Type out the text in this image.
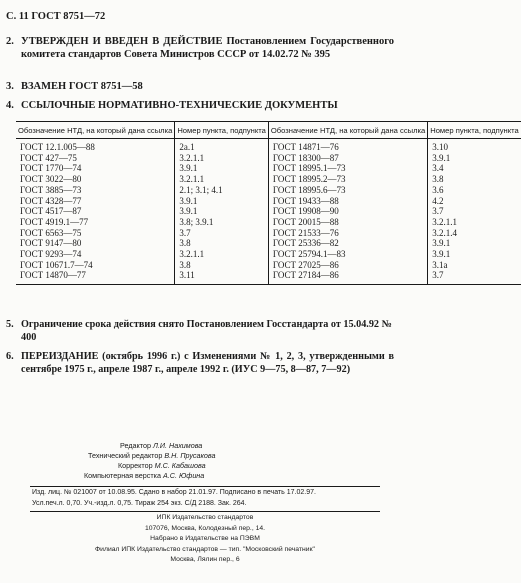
С. 11 ГОСТ 8751—72
2. УТВЕРЖДЕН И ВВЕДЕН В ДЕЙСТВИЕ Постановлением Государственного комитета стандартов Совета Министров СССР от 14.02.72 № 395
3. ВЗАМЕН ГОСТ 8751—58
4. ССЫЛОЧНЫЕ НОРМАТИВНО-ТЕХНИЧЕСКИЕ ДОКУМЕНТЫ
Обозначение НТД, на который дана ссылка	Номер пункта, подпункта	Обозначение НТД, на который дана ссылка	Номер пункта, подпункта
ГОСТ 12.1.005—88	2а.1	ГОСТ 14871—76	3.10
ГОСТ 427—75	3.2.1.1	ГОСТ 18300—87	3.9.1
ГОСТ 1770—74	3.9.1	ГОСТ 18995.1—73	3.4
ГОСТ 3022—80	3.2.1.1	ГОСТ 18995.2—73	3.8
ГОСТ 3885—73	2.1; 3.1; 4.1	ГОСТ 18995.6—73	3.6
ГОСТ 4328—77	3.9.1	ГОСТ 19433—88	4.2
ГОСТ 4517—87	3.9.1	ГОСТ 19908—90	3.7
ГОСТ 4919.1—77	3.8; 3.9.1	ГОСТ 20015—88	3.2.1.1
ГОСТ 6563—75	3.7	ГОСТ 21533—76	3.2.1.4
ГОСТ 9147—80	3.8	ГОСТ 25336—82	3.9.1
ГОСТ 9293—74	3.2.1.1	ГОСТ 25794.1—83	3.9.1
ГОСТ 10671.7—74	3.8	ГОСТ 27025—86	3.1а
ГОСТ 14870—77	3.11	ГОСТ 27184—86	3.7
5. Ограничение срока действия снято Постановлением Госстандарта от 15.04.92 № 400
6. ПЕРЕИЗДАНИЕ (октябрь 1996 г.) с Изменениями № 1, 2, 3, утвержденными в сентябре 1975 г., апреле 1987 г., апреле 1992 г. (ИУС 9—75, 8—87, 7—92)
Редактор Л.И. Нахимова
Технический редактор В.Н. Прусакова
Корректор М.С. Кабашова
Компьютерная верстка А.С. Юфина
Изд. лиц. № 021007 от 10.08.95. Сдано в набор 21.01.97. Подписано в печать 17.02.97.
Усл.печ.л. 0,70. Уч.-изд.л. 0,75. Тираж 254 экз. С/Д 2188. Зак. 264.
ИПК Издательство стандартов
107076, Москва, Колодезный пер., 14.
Набрано в Издательстве на ПЭВМ
Филиал ИПК Издательство стандартов — тип. "Московский печатник"
Москва, Лялин пер., 6
